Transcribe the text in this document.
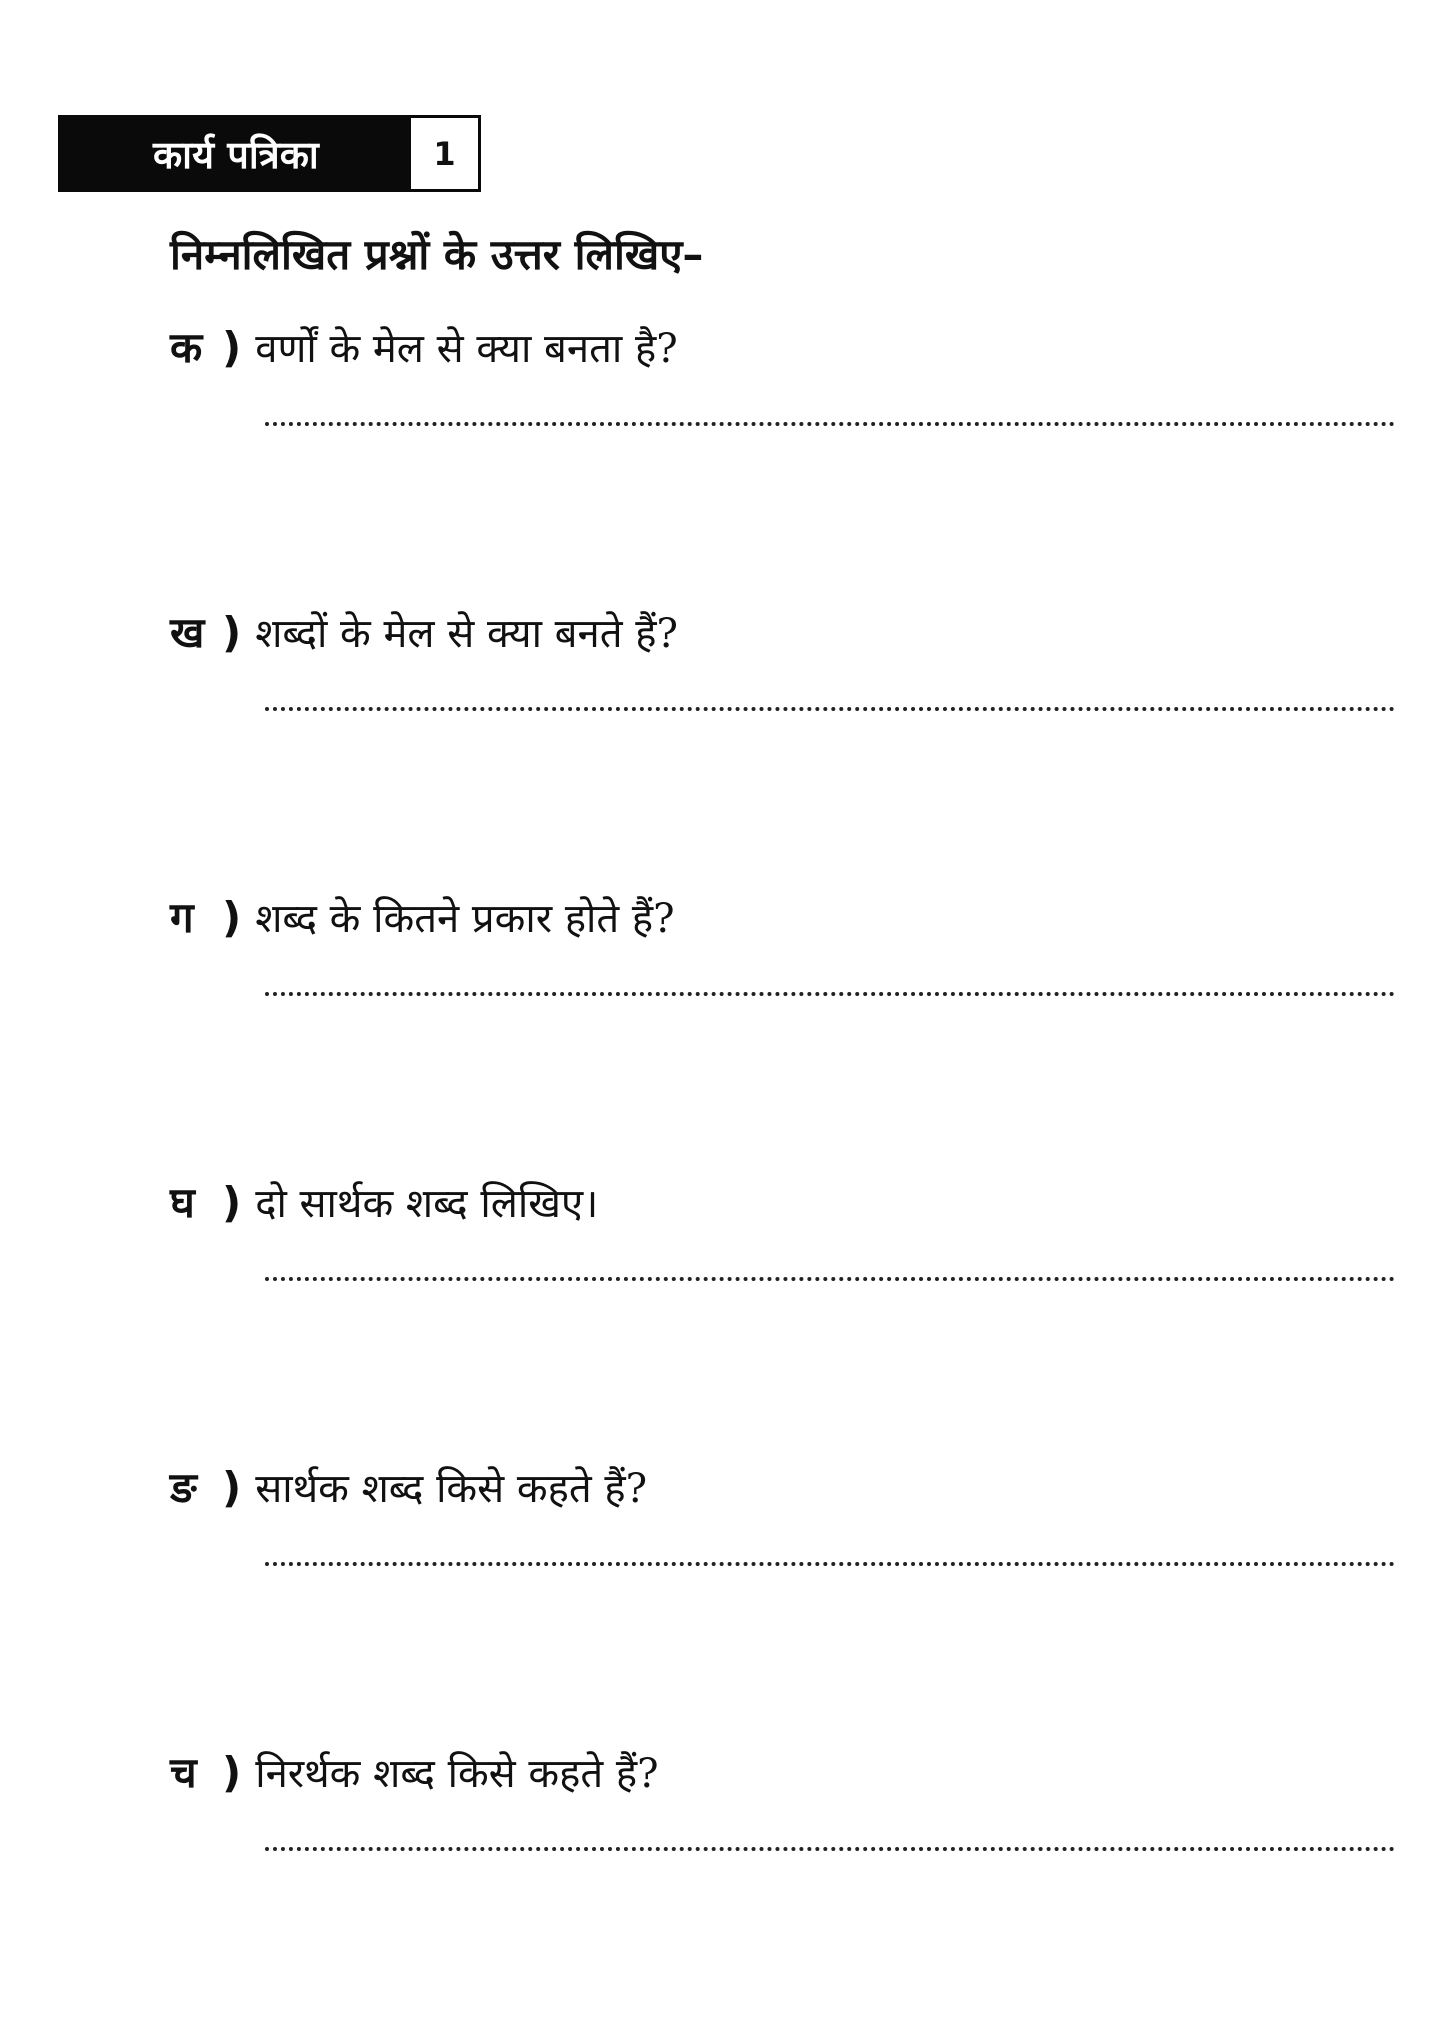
कार्य पत्रिका	1
निम्नलिखित प्रश्नों के उत्तर लिखिए–
क ) वर्णों के मेल से क्या बनता है?
ख ) शब्दों के मेल से क्या बनते हैं?
ग ) शब्द के कितने प्रकार होते हैं?
घ ) दो सार्थक शब्द लिखिए।
ङ ) सार्थक शब्द किसे कहते हैं?
च ) निरर्थक शब्द किसे कहते हैं?
